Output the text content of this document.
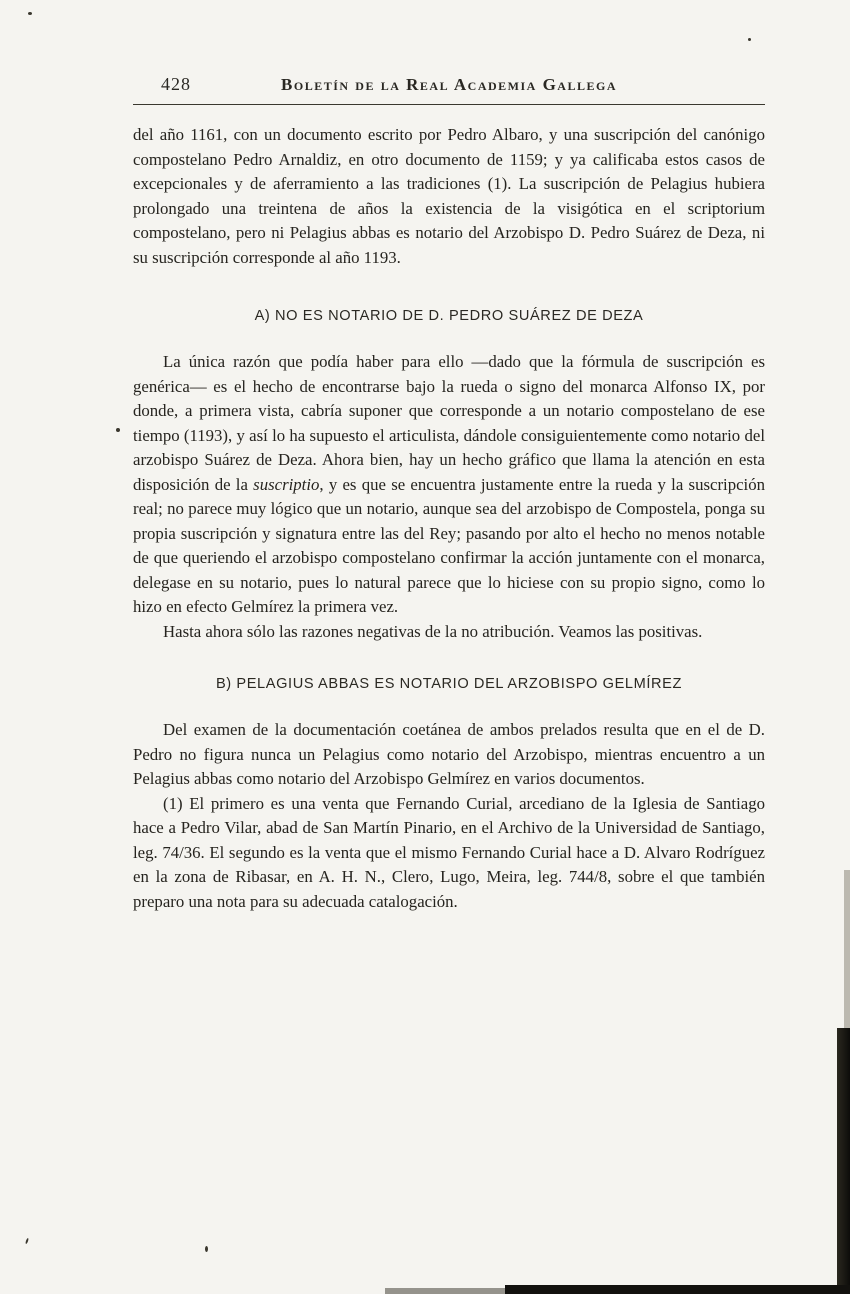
428	Boletín de la Real Academia Gallega

del año 1161, con un documento escrito por Pedro Albaro, y una suscripción del canónigo compostelano Pedro Arnaldiz, en otro documento de 1159; y ya calificaba estos casos de excepcionales y de aferramiento a las tradiciones (1). La suscripción de Pelagius hubiera prolongado una treintena de años la existencia de la visigótica en el scriptorium compostelano, pero ni Pelagius abbas es notario del Arzobispo D. Pedro Suárez de Deza, ni su suscripción corresponde al año 1193.

A) NO ES NOTARIO DE D. PEDRO SUÁREZ DE DEZA

La única razón que podía haber para ello —dado que la fórmula de suscripción es genérica— es el hecho de encontrarse bajo la rueda o signo del monarca Alfonso IX, por donde, a primera vista, cabría suponer que corresponde a un notario compostelano de ese tiempo (1193), y así lo ha supuesto el articulista, dándole consiguientemente como notario del arzobispo Suárez de Deza. Ahora bien, hay un hecho gráfico que llama la atención en esta disposición de la suscriptio, y es que se encuentra justamente entre la rueda y la suscripción real; no parece muy lógico que un notario, aunque sea del arzobispo de Compostela, ponga su propia suscripción y signatura entre las del Rey; pasando por alto el hecho no menos notable de que queriendo el arzobispo compostelano confirmar la acción juntamente con el monarca, delegase en su notario, pues lo natural parece que lo hiciese con su propio signo, como lo hizo en efecto Gelmírez la primera vez.

Hasta ahora sólo las razones negativas de la no atribución. Veamos las positivas.

B) PELAGIUS ABBAS ES NOTARIO DEL ARZOBISPO GELMÍREZ

Del examen de la documentación coetánea de ambos prelados resulta que en el de D. Pedro no figura nunca un Pelagius como notario del Arzobispo, mientras encuentro a un Pelagius abbas como notario del Arzobispo Gelmírez en varios documentos.

(1) El primero es una venta que Fernando Curial, arcediano de la Iglesia de Santiago hace a Pedro Vilar, abad de San Martín Pinario, en el Archivo de la Universidad de Santiago, leg. 74/36. El segundo es la venta que el mismo Fernando Curial hace a D. Alvaro Rodríguez en la zona de Ribasar, en A. H. N., Clero, Lugo, Meira, leg. 744/8, sobre el que también preparo una nota para su adecuada catalogación.
